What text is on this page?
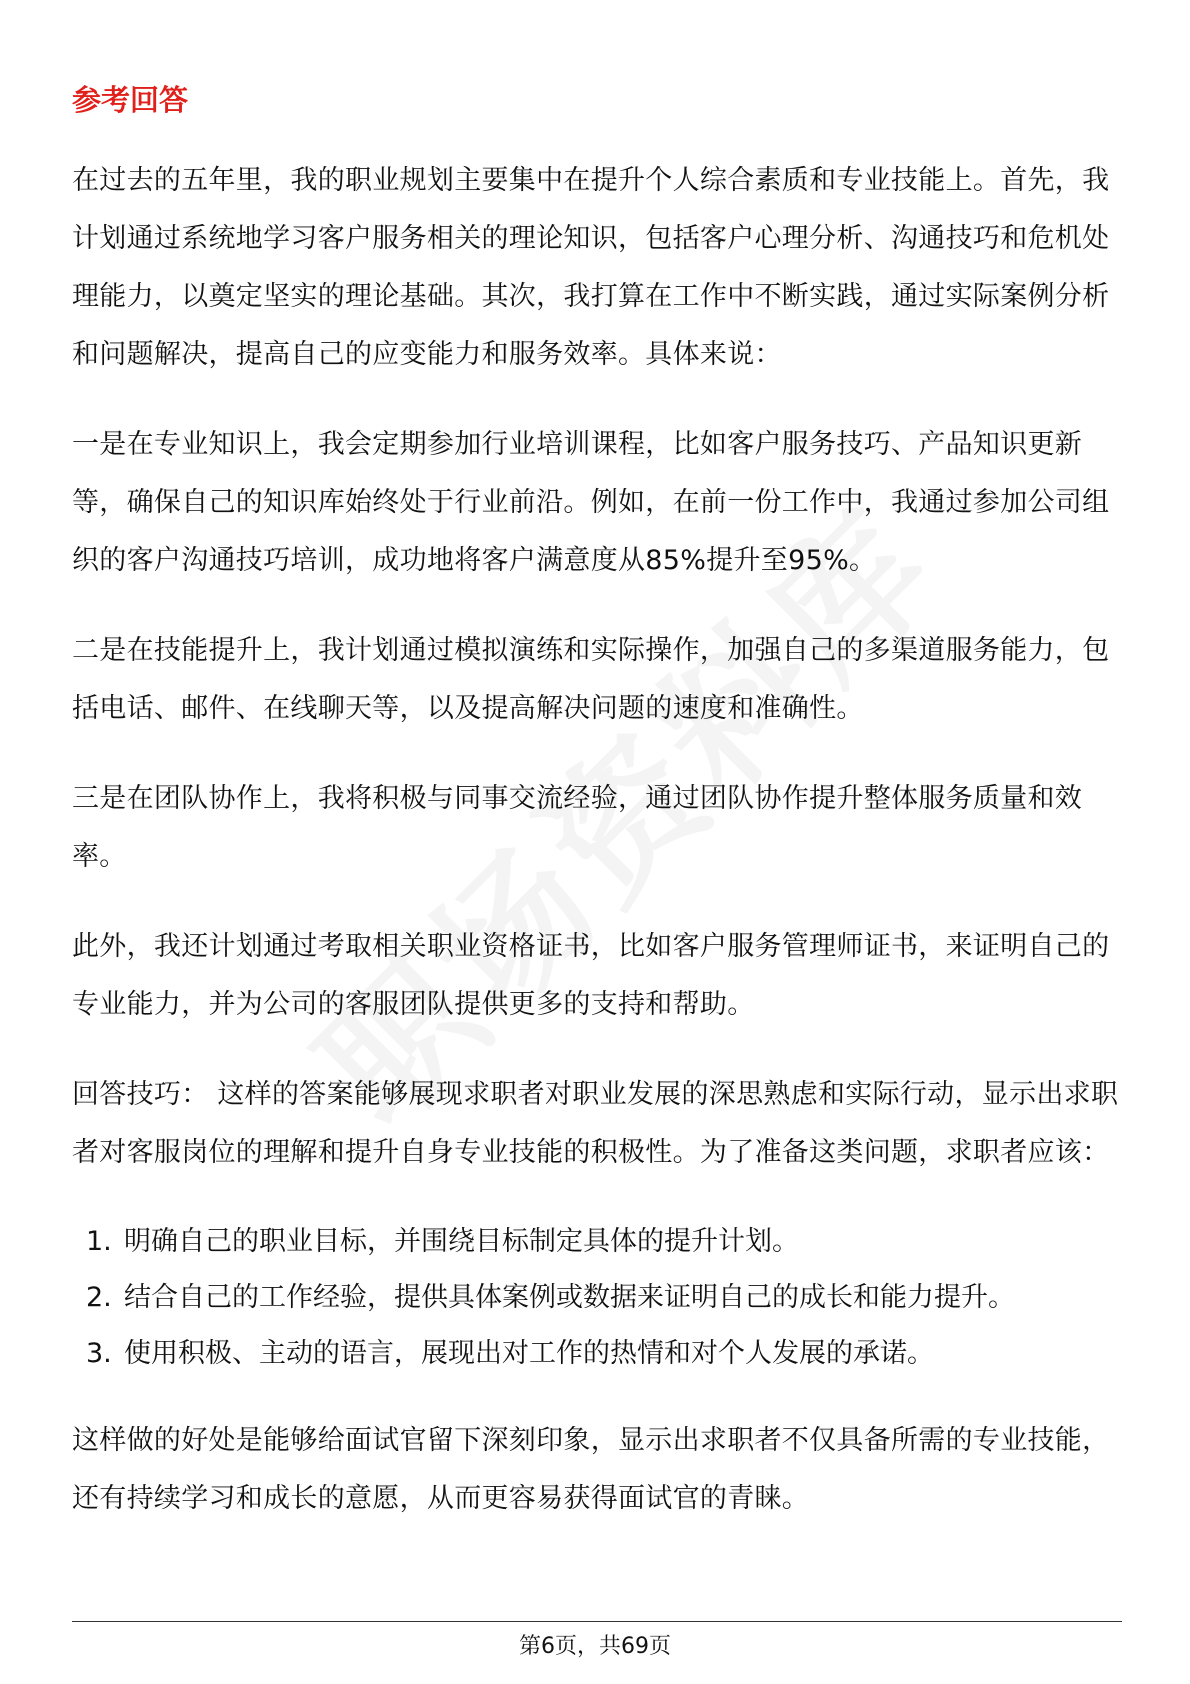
参考回答

在过去的五年里，我的职业规划主要集中在提升个人综合素质和专业技能上。首先，我计划通过系统地学习客户服务相关的理论知识，包括客户心理分析、沟通技巧和危机处理能力，以奠定坚实的理论基础。其次，我打算在工作中不断实践，通过实际案例分析和问题解决，提高自己的应变能力和服务效率。具体来说：

一是在专业知识上，我会定期参加行业培训课程，比如客户服务技巧、产品知识更新等，确保自己的知识库始终处于行业前沿。例如，在前一份工作中，我通过参加公司组织的客户沟通技巧培训，成功地将客户满意度从85%提升至95%。

二是在技能提升上，我计划通过模拟演练和实际操作，加强自己的多渠道服务能力，包括电话、邮件、在线聊天等，以及提高解决问题的速度和准确性。

三是在团队协作上，我将积极与同事交流经验，通过团队协作提升整体服务质量和效率。

此外，我还计划通过考取相关职业资格证书，比如客户服务管理师证书，来证明自己的专业能力，并为公司的客服团队提供更多的支持和帮助。

回答技巧： 这样的答案能够展现求职者对职业发展的深思熟虑和实际行动，显示出求职者对客服岗位的理解和提升自身专业技能的积极性。为了准备这类问题，求职者应该：

1. 明确自己的职业目标，并围绕目标制定具体的提升计划。
2. 结合自己的工作经验，提供具体案例或数据来证明自己的成长和能力提升。
3. 使用积极、主动的语言，展现出对工作的热情和对个人发展的承诺。

这样做的好处是能够给面试官留下深刻印象，显示出求职者不仅具备所需的专业技能，还有持续学习和成长的意愿，从而更容易获得面试官的青睐。

第6页，共69页
